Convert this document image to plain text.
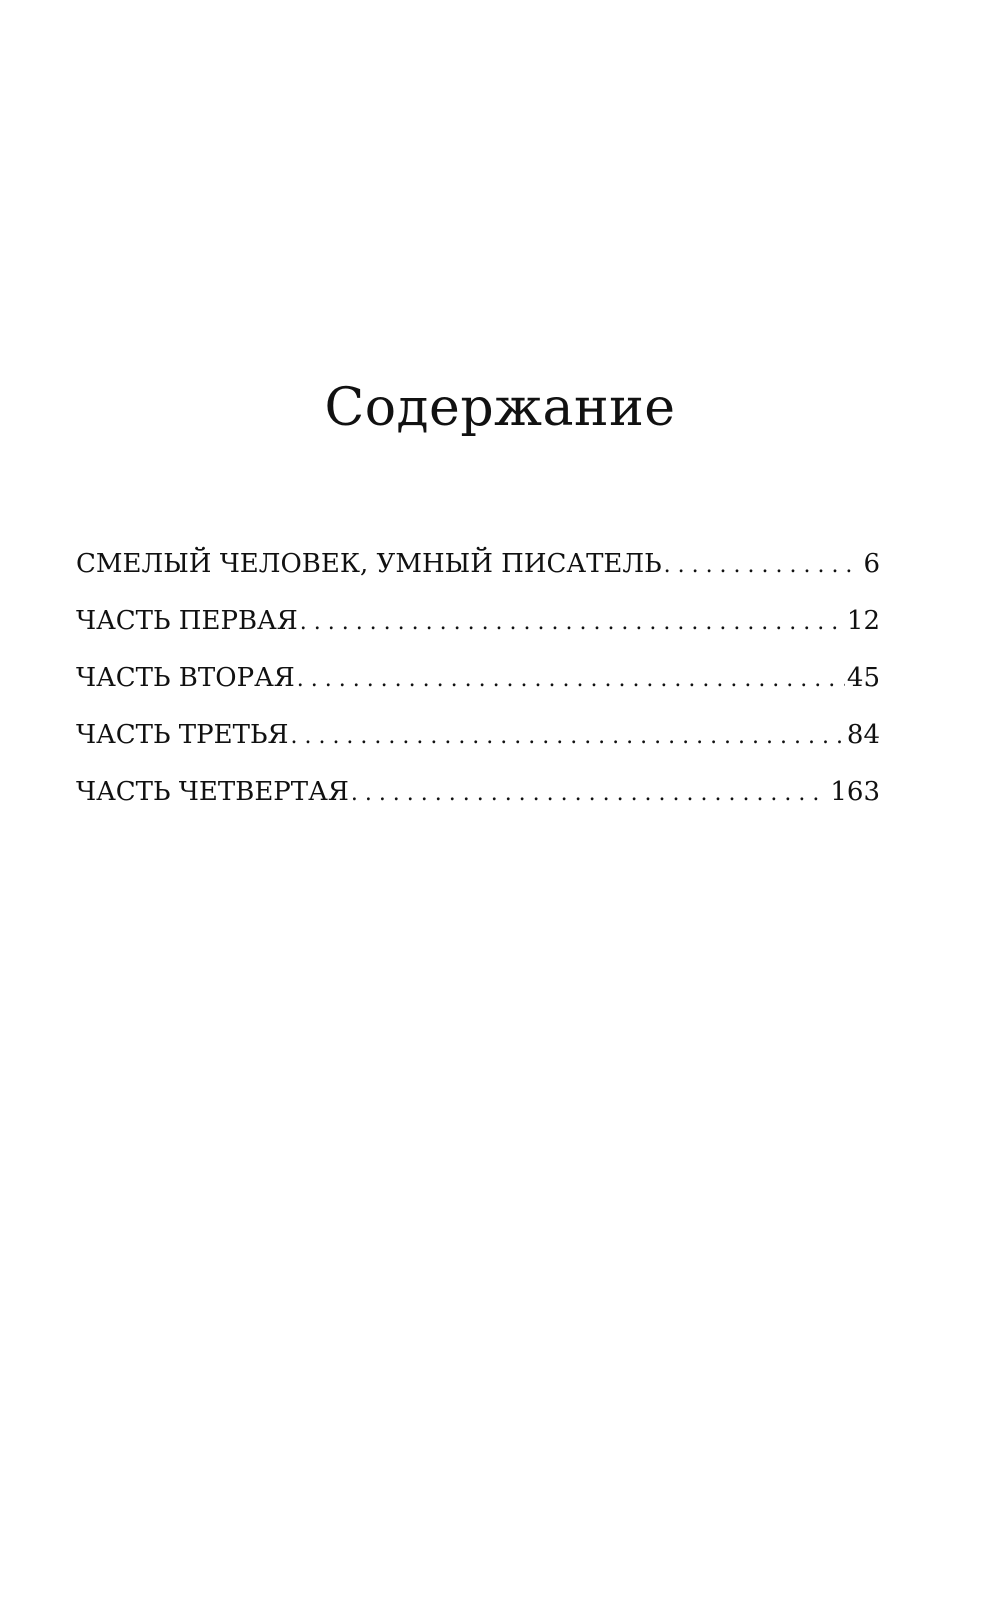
Содержание
СМЕЛЫЙ ЧЕЛОВЕК, УМНЫЙ ПИСАТЕЛЬ . . .	6
ЧАСТЬ ПЕРВАЯ . . .	12
ЧАСТЬ ВТОРАЯ . . .	45
ЧАСТЬ ТРЕТЬЯ . . .	84
ЧАСТЬ ЧЕТВЕРТАЯ . . .	163
